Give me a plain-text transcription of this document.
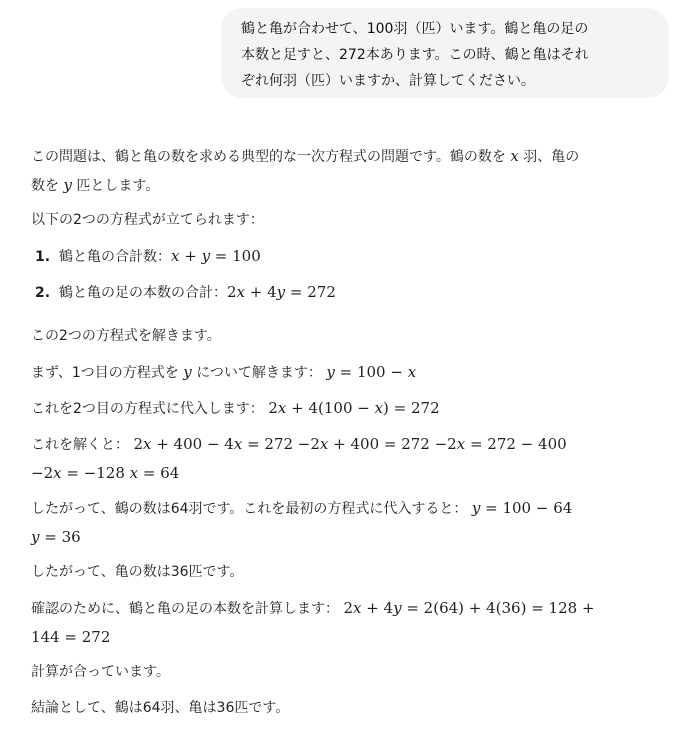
鶴と亀が合わせて、100羽（匹）います。鶴と亀の足の
本数と足すと、272本あります。この時、鶴と亀はそれ
ぞれ何羽（匹）いますか、計算してください。
この問題は、鶴と亀の数を求める典型的な一次方程式の問題です。鶴の数を 𝑥 羽、亀の
数を 𝑦 匹とします。
以下の2つの方程式が立てられます：
1. 鶴と亀の合計数：𝑥 + 𝑦 = 100
2. 鶴と亀の足の本数の合計：2𝑥 + 4𝑦 = 272
この2つの方程式を解きます。
まず、1つ目の方程式を 𝑦 について解きます： 𝑦 = 100 − 𝑥
これを2つ目の方程式に代入します： 2𝑥 + 4(100 − 𝑥) = 272
これを解くと： 2𝑥 + 400 − 4𝑥 = 272 −2𝑥 + 400 = 272 −2𝑥 = 272 − 400
−2𝑥 = −128 𝑥 = 64
したがって、鶴の数は64羽です。これを最初の方程式に代入すると： 𝑦 = 100 − 64
𝑦 = 36
したがって、亀の数は36匹です。
確認のために、鶴と亀の足の本数を計算します： 2𝑥 + 4𝑦 = 2(64) + 4(36) = 128 +
144 = 272
計算が合っています。
結論として、鶴は64羽、亀は36匹です。
